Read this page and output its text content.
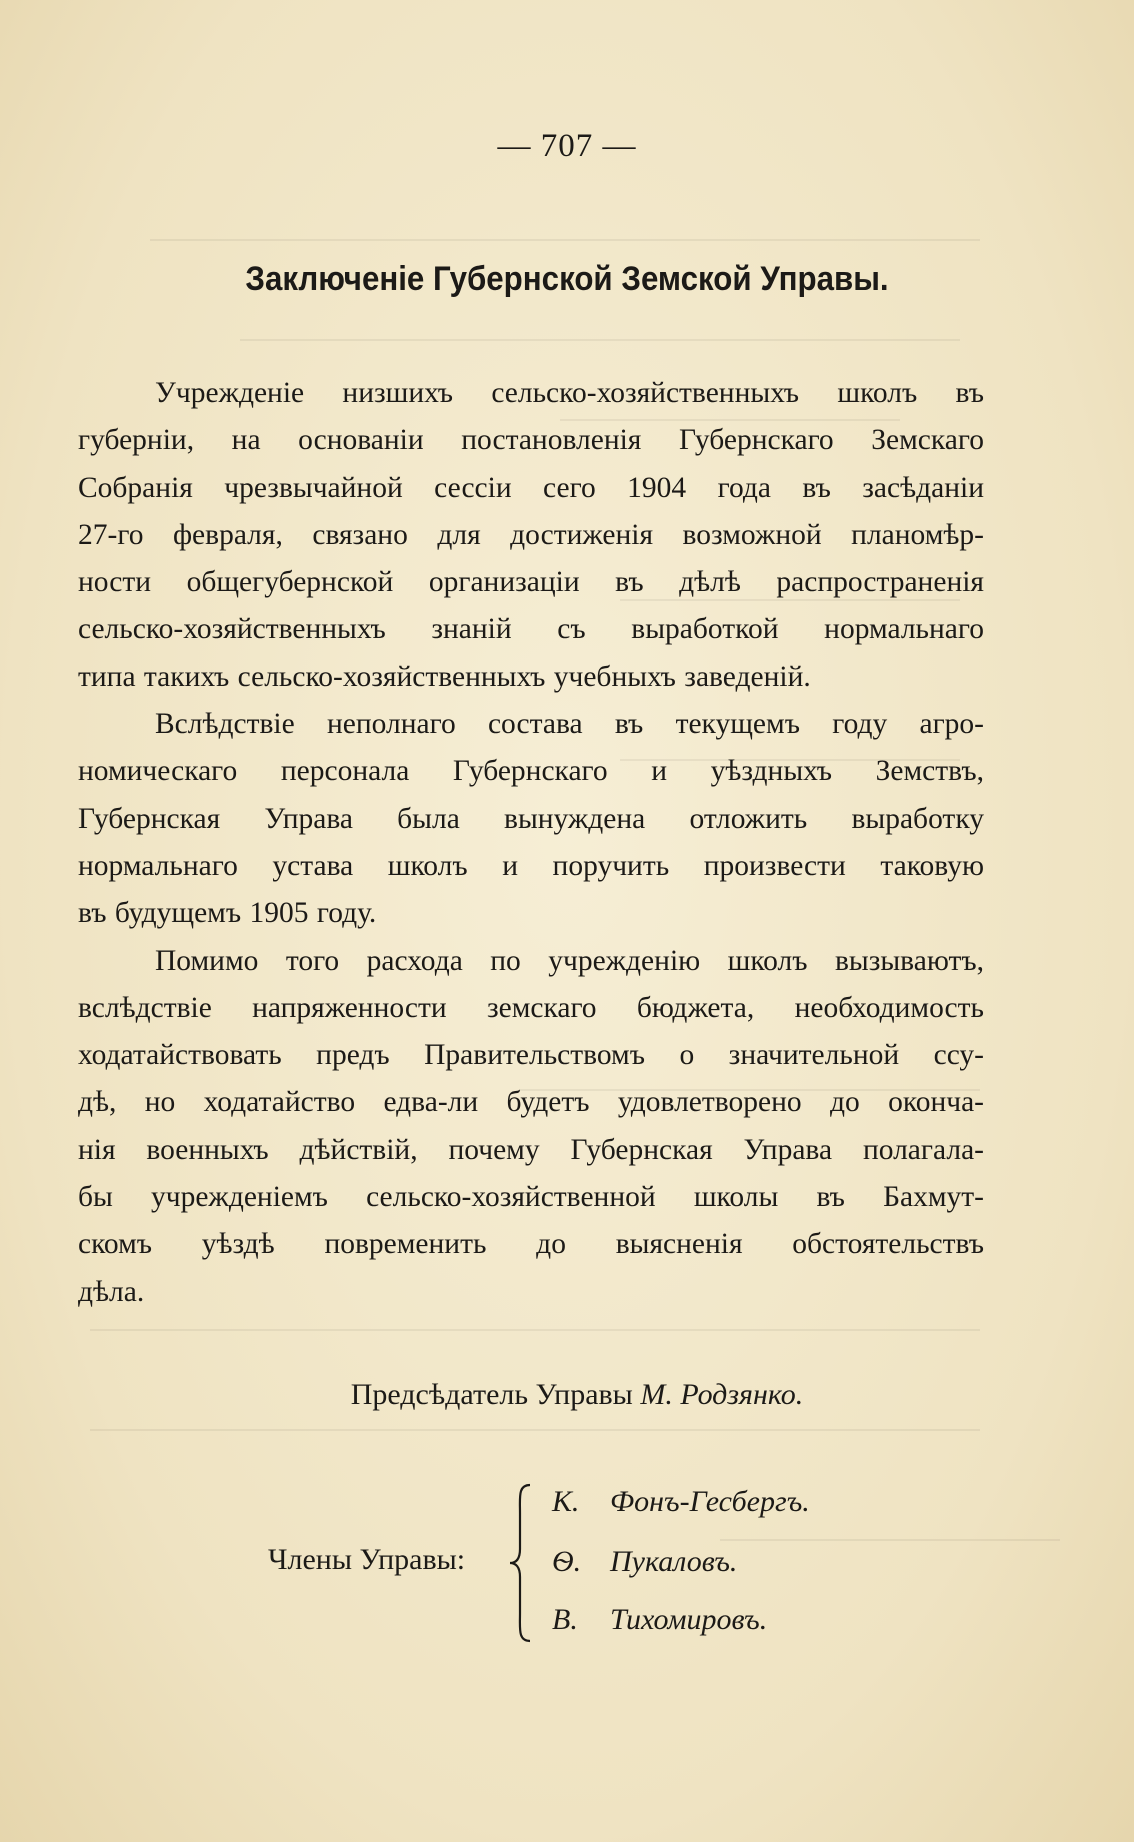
— 707 —
Заключенiе Губернской Земской Управы.

Учрежденiе низшихъ сельско-хозяйственныхъ школъ въ
губернiи, на основанiи постановленiя Губернскаго Земскаго
Собранiя чрезвычайной сессiи сего 1904 года въ засѣданiи
27-го февраля, связано для достиженiя возможной планомѣр-
ности общегубернской организацiи въ дѣлѣ распространенiя
сельско-хозяйственныхъ знанiй съ выработкой нормальнаго
типа такихъ сельско-хозяйственныхъ учебныхъ заведенiй.

Вслѣдствiе неполнаго состава въ текущемъ году агро-
номическаго персонала Губернскаго и уѣздныхъ Земствъ,
Губернская Управа была вынуждена отложить выработку
нормальнаго устава школъ и поручить произвести таковую
въ будущемъ 1905 году.

Помимо того расхода по учрежденiю школъ вызываютъ,
вслѣдствiе напряженности земскаго бюджета, необходимость
ходатайствовать предъ Правительствомъ о значительной ссу-
дѣ, но ходатайство едва-ли будетъ удовлетворено до оконча-
нiя военныхъ дѣйствiй, почему Губернская Управа полагала-
бы учрежденiемъ сельско-хозяйственной школы въ Бахмут-
скомъ уѣздѣ повременить до выясненiя обстоятельствъ
дѣла.

Предсѣдатель Управы М. Родзянко.
Члены Управы:
К. Фонъ-Гесбергъ.
Ѳ. Пукаловъ.
В. Тихомировъ.
